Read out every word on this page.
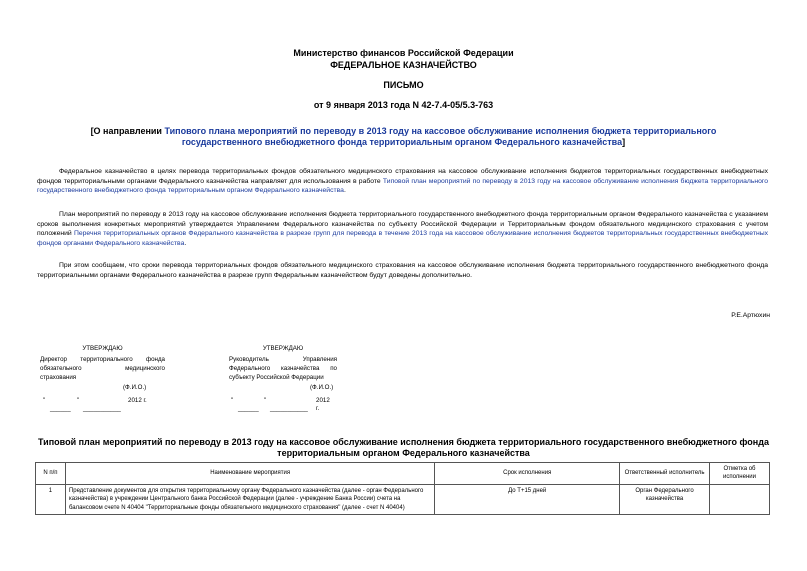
Министерство финансов Российской Федерации
ФЕДЕРАЛЬНОЕ КАЗНАЧЕЙСТВО
ПИСЬМО
от 9 января 2013 года N 42-7.4-05/5.3-763
[О направлении Типового плана мероприятий по переводу в 2013 году на кассовое обслуживание исполнения бюджета территориального государственного внебюджетного фонда территориальным органом Федерального казначейства]
Федеральное казначейство в целях перевода территориальных фондов обязательного медицинского страхования на кассовое обслуживание исполнения бюджетов территориальных государственных внебюджетных фондов территориальными органами Федерального казначейства направляет для использования в работе Типовой план мероприятий по переводу в 2013 году на кассовое обслуживание исполнения бюджета территориального государственного внебюджетного фонда территориальным органом Федерального казначейства.
План мероприятий по переводу в 2013 году на кассовое обслуживание исполнения бюджета территориального государственного внебюджетного фонда территориальным органом Федерального казначейства с указанием сроков выполнения конкретных мероприятий утверждается Управлением Федерального казначейства по субъекту Российской Федерации и Территориальным фондом обязательного медицинского страхования с учетом положений Перечня территориальных органов Федерального казначейства в разрезе групп для перевода в течение 2013 года на кассовое обслуживание исполнения бюджетов территориальных государственных внебюджетных фондов органами Федерального казначейства.
При этом сообщаем, что сроки перевода территориальных фондов обязательного медицинского страхования на кассовое обслуживание исполнения бюджета территориального государственного внебюджетного фонда территориальными органами Федерального казначейства в разрезе групп Федеральным казначейством будут доведены дополнительно.
Р.Е.Артюхин
УТВЕРЖДАЮ
Директор территориального фонда
обязательного медицинского
страхования
(Ф.И.О.)
"	"	2012 г.
______ ___________
УТВЕРЖДАЮ
Руководитель Управления
Федерального казначейства по
субъекту Российской Федерации
(Ф.И.О.)
"	"	2012
______ ___________ г.
Типовой план мероприятий по переводу в 2013 году на кассовое обслуживание исполнения бюджета территориального государственного внебюджетного фонда территориальным органом Федерального казначейства
N п/п	Наименование мероприятия	Срок исполнения	Ответственный исполнитель	Отметка об исполнении
1	Представление документов для открытия территориальному органу Федерального казначейства (далее - орган Федерального казначейства) в учреждении Центрального банка Российской Федерации (далее - учреждение Банка России) счета на балансовом счете N 40404 "Территориальные фонды обязательного медицинского страхования" (далее - счет N 40404)	До Т+15 дней	Орган Федерального казначейства	
